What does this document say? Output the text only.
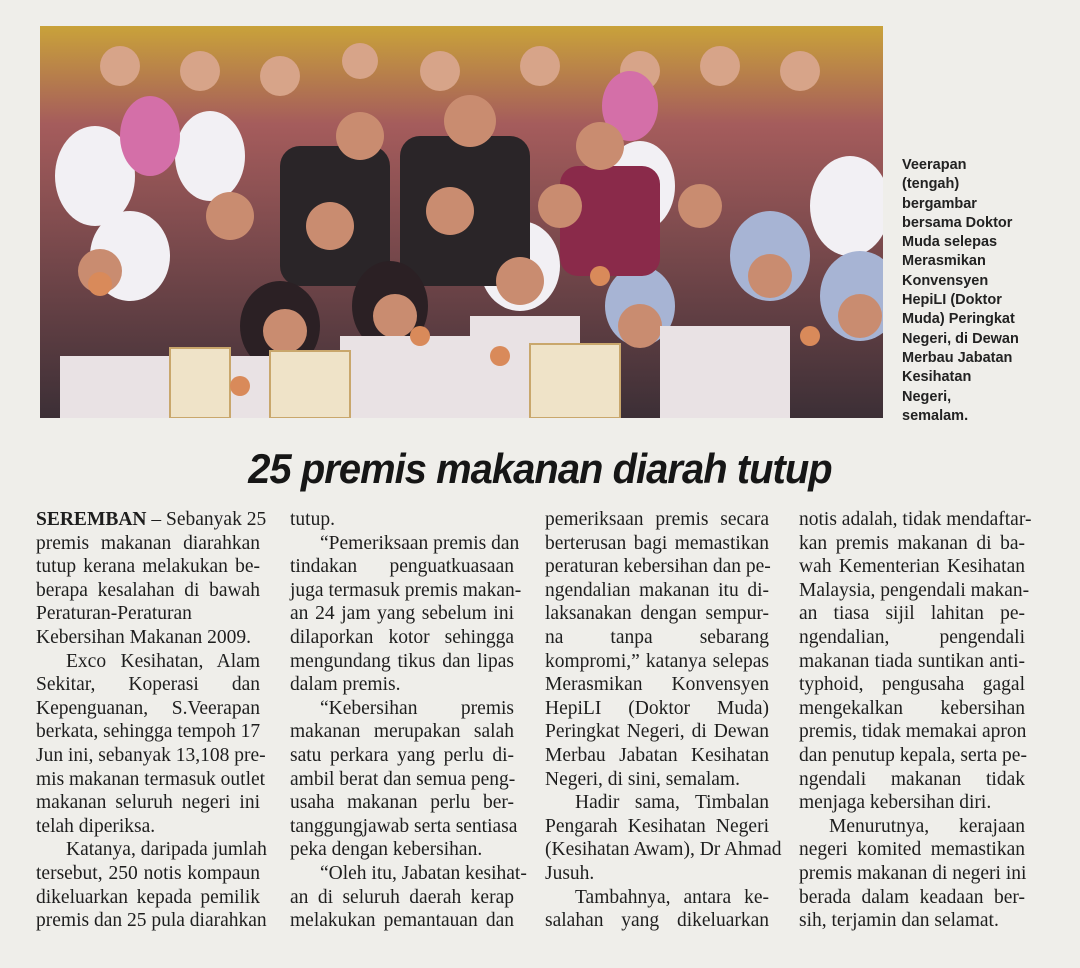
Veerapan
(tengah)
bergambar
bersama Doktor
Muda selepas
Merasmikan
Konvensyen
HepiLI (Doktor
Muda) Peringkat
Negeri, di Dewan
Merbau Jabatan
Kesihatan
Negeri,
semalam.
25 premis makanan diarah tutup
SEREMBAN – Sebanyak 25
premis makanan diarahkan
tutup kerana melakukan be-
berapa kesalahan di bawah
Peraturan-Peraturan
Kebersihan Makanan 2009.
Exco Kesihatan, Alam
Sekitar, Koperasi dan
Kepenguanan, S.Veerapan
berkata, sehingga tempoh 17
Jun ini, sebanyak 13,108 pre-
mis makanan termasuk outlet
makanan seluruh negeri ini
telah diperiksa.
Katanya, daripada jumlah
tersebut, 250 notis kompaun
dikeluarkan kepada pemilik
premis dan 25 pula diarahkan
tutup.
“Pemeriksaan premis dan
tindakan penguatkuasaan
juga termasuk premis makan-
an 24 jam yang sebelum ini
dilaporkan kotor sehingga
mengundang tikus dan lipas
dalam premis.
“Kebersihan premis
makanan merupakan salah
satu perkara yang perlu di-
ambil berat dan semua peng-
usaha makanan perlu ber-
tanggungjawab serta sentiasa
peka dengan kebersihan.
“Oleh itu, Jabatan kesihat-
an di seluruh daerah kerap
melakukan pemantauan dan
pemeriksaan premis secara
berterusan bagi memastikan
peraturan kebersihan dan pe-
ngendalian makanan itu di-
laksanakan dengan sempur-
na tanpa sebarang
kompromi,” katanya selepas
Merasmikan Konvensyen
HepiLI (Doktor Muda)
Peringkat Negeri, di Dewan
Merbau Jabatan Kesihatan
Negeri, di sini, semalam.
Hadir sama, Timbalan
Pengarah Kesihatan Negeri
(Kesihatan Awam), Dr Ahmad
Jusuh.
Tambahnya, antara ke-
salahan yang dikeluarkan
notis adalah, tidak mendaftar-
kan premis makanan di ba-
wah Kementerian Kesihatan
Malaysia, pengendali makan-
an tiasa sijil lahitan pe-
ngendalian, pengendali
makanan tiada suntikan anti-
typhoid, pengusaha gagal
mengekalkan kebersihan
premis, tidak memakai apron
dan penutup kepala, serta pe-
ngendali makanan tidak
menjaga kebersihan diri.
Menurutnya, kerajaan
negeri komited memastikan
premis makanan di negeri ini
berada dalam keadaan ber-
sih, terjamin dan selamat.
